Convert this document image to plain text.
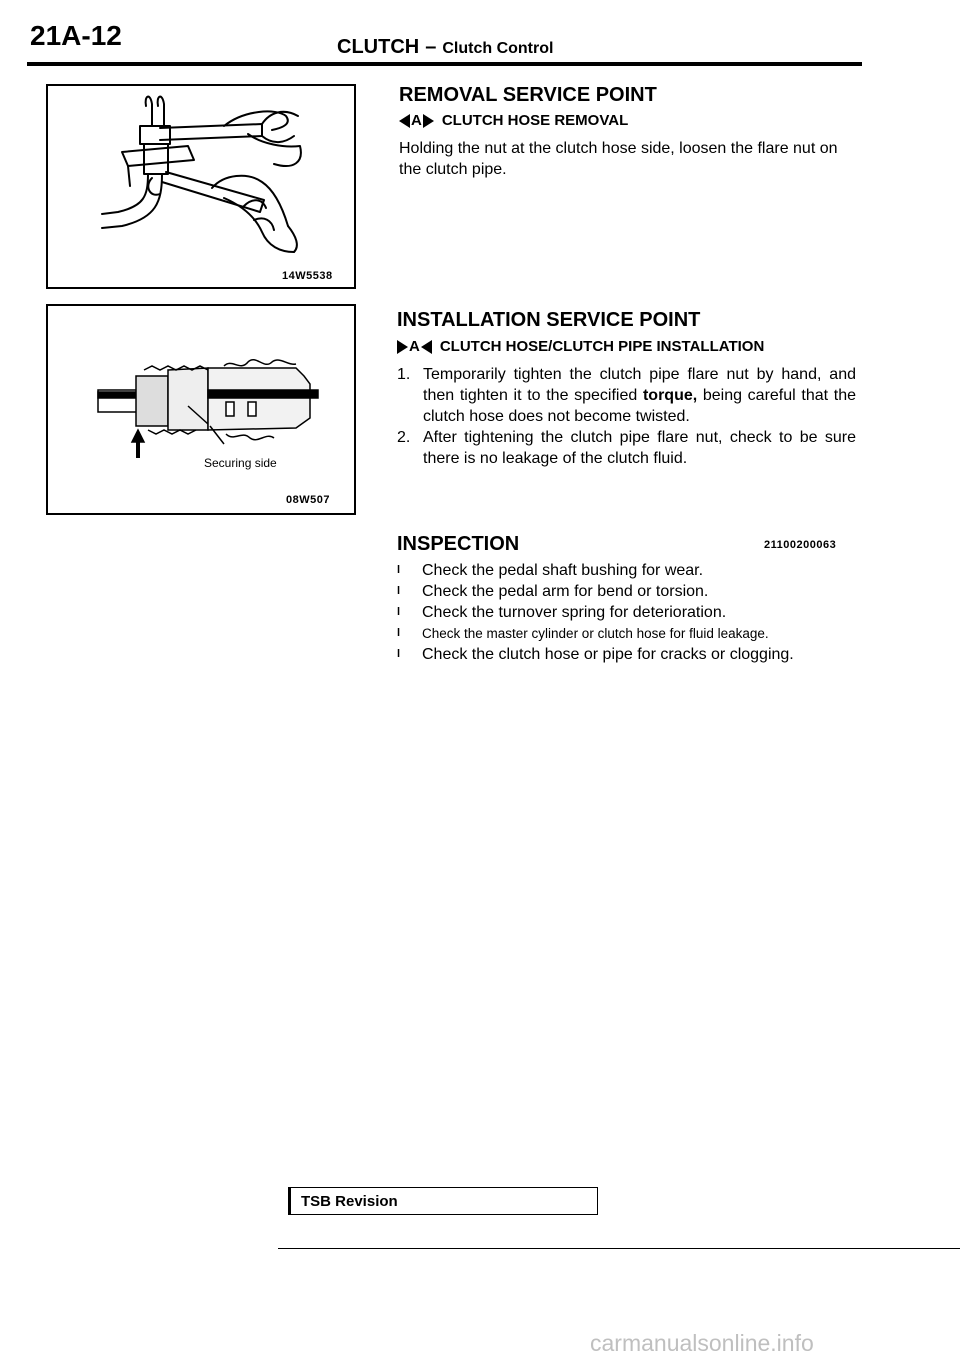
21A-12	CLUTCH – Clutch Control
14W5538
Securing side
08W507
REMOVAL SERVICE POINT
A CLUTCH HOSE REMOVAL
Holding the nut at the clutch hose side, loosen the flare nut on the clutch pipe.
INSTALLATION SERVICE POINT
A CLUTCH HOSE/CLUTCH PIPE INSTALLATION
1. Temporarily tighten the clutch pipe flare nut by hand, and then tighten it to the specified torque, being careful that the clutch hose does not become twisted.
2. After tightening the clutch pipe flare nut, check to be sure there is no leakage of the clutch fluid.
INSPECTION	21100200063
l Check the pedal shaft bushing for wear.
l Check the pedal arm for bend or torsion.
l Check the turnover spring for deterioration.
l Check the master cylinder or clutch hose for fluid leakage.
l Check the clutch hose or pipe for cracks or clogging.
TSB Revision
carmanualsonline.info
